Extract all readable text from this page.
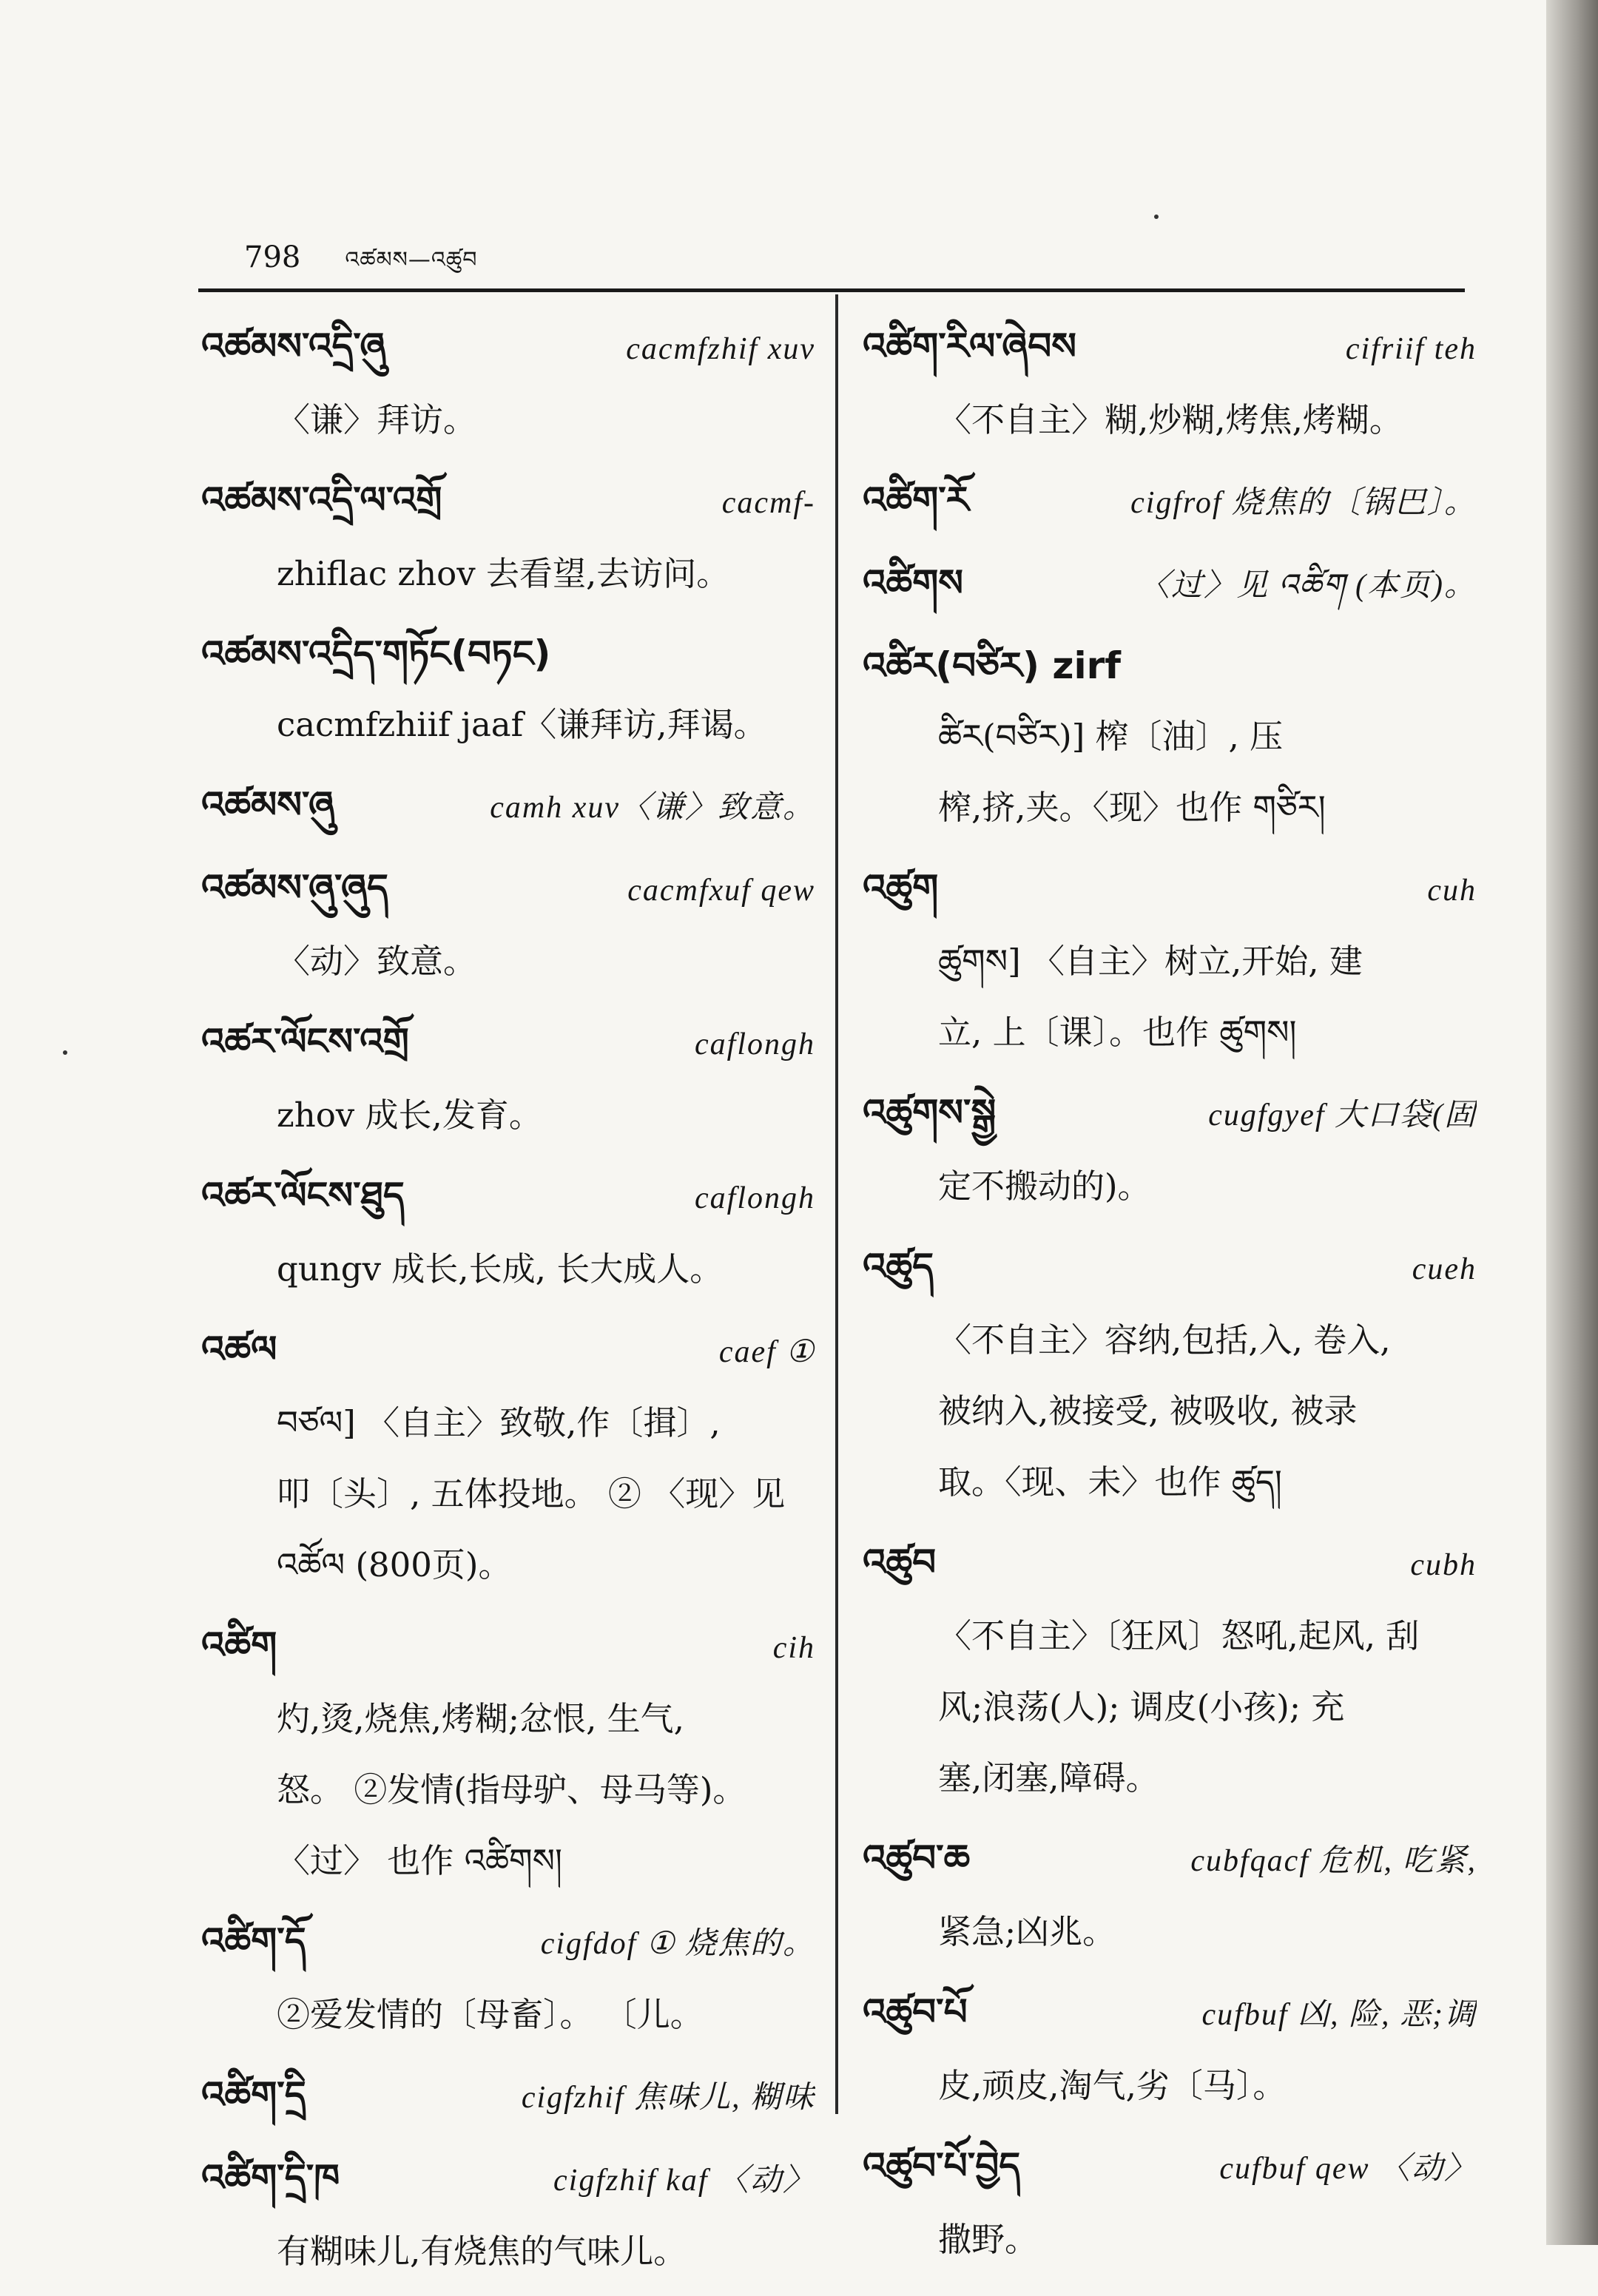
798 འཚམས—འཚུབ
འཚམས་འདྲི་ཞུ	cacmfzhif xuv
〈谦〉拜访。
འཚམས་འདྲི་ལ་འགྲོ	cacmf-
zhiflac zhov 去看望,去访问。
འཚམས་འདྲིད་གཏོང(བཏང)
cacmfzhiif jaaf〈谦拜访,拜谒。
འཚམས་ཞུ	camh xuv〈谦〉致意。
འཚམས་ཞུ་ཞུད	cacmfxuf qew
〈动〉致意。
འཚར་ལོངས་འགྲོ	caflongh
zhov 成长,发育。
འཚར་ལོངས་ཐུད	caflongh
qungv 成长,长成, 长大成人。
འཚལ	caef ①
བཙལ] 〈自主〉致敬,作〔揖〕,
叩〔头〕, 五体投地。 ② 〈现〉见
འཚོལ (800页)。
འཚིག	cih
灼,烫,烧焦,烤糊;忿恨, 生气,
怒。 ②发情(指母驴、母马等)。
〈过〉 也作 འཚིགས།
འཚིག་དོ	cigfdof ① 烧焦的。
②爱发情的〔母畜〕。 〔儿。
འཚིག་དྲི	cigfzhif 焦味儿, 糊味
འཚིག་དྲི་ཁ	cigfzhif kaf 〈动〉
有糊味儿,有烧焦的气味儿。
འཚིག་རིལ་ཞེབས	cifriif teh
〈不自主〉糊,炒糊,烤焦,烤糊。
འཚིག་རོ	cigfrof 烧焦的〔锅巴〕。
འཚིགས	〈过〉见 འཚིག (本页)。
འཚིར(བཙིར) zirf
ཚིར(བཙིར)] 榨〔油〕, 压
榨,挤,夹。〈现〉也作 གཙིར།
འཚུག	cuh
ཚུགས] 〈自主〉树立,开始, 建
立, 上〔课〕。也作 ཚུགས།
འཚུགས་སྒྱེ	cugfgyef 大口袋(固
定不搬动的)。
འཚུད	cueh
〈不自主〉容纳,包括,入, 卷入,
被纳入,被接受, 被吸收, 被录
取。〈现、未〉也作 ཚུད།
འཚུབ	cubh
〈不自主〉〔狂风〕怒吼,起风, 刮
风;浪荡(人); 调皮(小孩); 充
塞,闭塞,障碍。
འཚུབ་ཆ	cubfqacf 危机, 吃紧,
紧急;凶兆。
འཚུབ་པོ	cufbuf 凶, 险, 恶;调
皮,顽皮,淘气,劣〔马〕。
འཚུབ་པོ་བྱེད	cufbuf qew 〈动〉
撒野。
